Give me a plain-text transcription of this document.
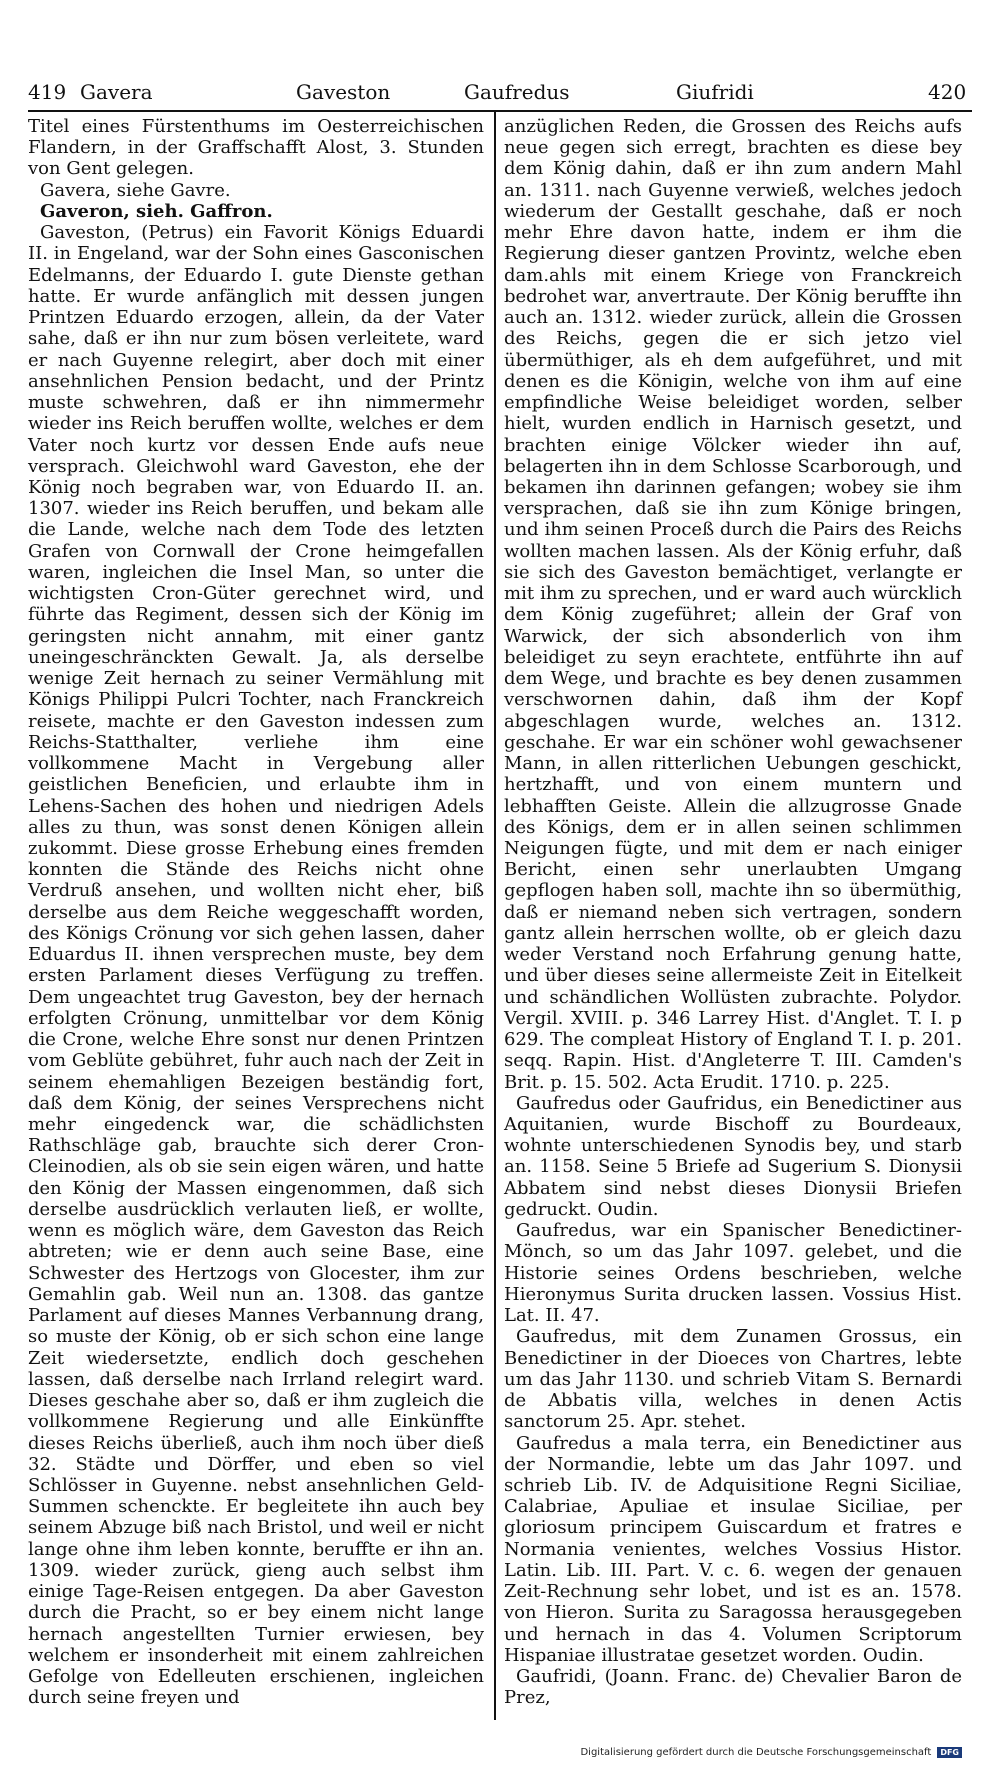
419 Gavera	Gaveston	Gaufredus	Giufridi	420

Titel eines Fürstenthums im Oesterreichischen Flandern, in der Graffschafft Alost, 3. Stunden von Gent gelegen.

Gavera, siehe Gavre.

Gaveron, sieh. Gaffron.

Gaveston, (Petrus) ein Favorit Königs Eduardi II. in Engeland, war der Sohn eines Gasconischen Edelmanns, der Eduardo I. gute Dienste gethan hatte. Er wurde anfänglich mit dessen jungen Printzen Eduardo erzogen, allein, da der Vater sahe, daß er ihn nur zum bösen verleitete, ward er nach Guyenne relegirt, aber doch mit einer ansehnlichen Pension bedacht, und der Printz muste schwehren, daß er ihn nimmermehr wieder ins Reich beruffen wollte, welches er dem Vater noch kurtz vor dessen Ende aufs neue versprach. Gleichwohl ward Gaveston, ehe der König noch begraben war, von Eduardo II. an. 1307. wieder ins Reich beruffen, und bekam alle die Lande, welche nach dem Tode des letzten Grafen von Cornwall der Crone heimgefallen waren, ingleichen die Insel Man, so unter die wichtigsten Cron-Güter gerechnet wird, und führte das Regiment, dessen sich der König im geringsten nicht annahm, mit einer gantz uneingeschränckten Gewalt. Ja, als derselbe wenige Zeit hernach zu seiner Vermählung mit Königs Philippi Pulcri Tochter, nach Franckreich reisete, machte er den Gaveston indessen zum Reichs-Statthalter, verliehe ihm eine vollkommene Macht in Vergebung aller geistlichen Beneficien, und erlaubte ihm in Lehens-Sachen des hohen und niedrigen Adels alles zu thun, was sonst denen Königen allein zukommt. Diese grosse Erhebung eines fremden konnten die Stände des Reichs nicht ohne Verdruß ansehen, und wollten nicht eher, biß derselbe aus dem Reiche weggeschafft worden, des Königs Crönung vor sich gehen lassen, daher Eduardus II. ihnen versprechen muste, bey dem ersten Parlament dieses Verfügung zu treffen. Dem ungeachtet trug Gaveston, bey der hernach erfolgten Crönung, unmittelbar vor dem König die Crone, welche Ehre sonst nur denen Printzen vom Geblüte gebühret, fuhr auch nach der Zeit in seinem ehemahligen Bezeigen beständig fort, daß dem König, der seines Versprechens nicht mehr eingedenck war, die schädlichsten Rathschläge gab, brauchte sich derer Cron-Cleinodien, als ob sie sein eigen wären, und hatte den König der Massen eingenommen, daß sich derselbe ausdrücklich verlauten ließ, er wollte, wenn es möglich wäre, dem Gaveston das Reich abtreten; wie er denn auch seine Base, eine Schwester des Hertzogs von Glocester, ihm zur Gemahlin gab. Weil nun an. 1308. das gantze Parlament auf dieses Mannes Verbannung drang, so muste der König, ob er sich schon eine lange Zeit wiedersetzte, endlich doch geschehen lassen, daß derselbe nach Irrland relegirt ward. Dieses geschahe aber so, daß er ihm zugleich die vollkommene Regierung und alle Einkünffte dieses Reichs überließ, auch ihm noch über dieß 32. Städte und Dörffer, und eben so viel Schlösser in Guyenne. nebst ansehnlichen Geld-Summen schenckte. Er begleitete ihn auch bey seinem Abzuge biß nach Bristol, und weil er nicht lange ohne ihm leben konnte, beruffte er ihn an. 1309. wieder zurück, gieng auch selbst ihm einige Tage-Reisen entgegen. Da aber Gaveston durch die Pracht, so er bey einem nicht lange hernach angestellten Turnier erwiesen, bey welchem er insonderheit mit einem zahlreichen Gefolge von Edelleuten erschienen, ingleichen durch seine freyen und

anzüglichen Reden, die Grossen des Reichs aufs neue gegen sich erregt, brachten es diese bey dem König dahin, daß er ihn zum andern Mahl an. 1311. nach Guyenne verwieß, welches jedoch wiederum der Gestallt geschahe, daß er noch mehr Ehre davon hatte, indem er ihm die Regierung dieser gantzen Provintz, welche eben dam.ahls mit einem Kriege von Franckreich bedrohet war, anvertraute. Der König beruffte ihn auch an. 1312. wieder zurück, allein die Grossen des Reichs, gegen die er sich jetzo viel übermüthiger, als eh dem aufgeführet, und mit denen es die Königin, welche von ihm auf eine empfindliche Weise beleidiget worden, selber hielt, wurden endlich in Harnisch gesetzt, und brachten einige Völcker wieder ihn auf, belagerten ihn in dem Schlosse Scarborough, und bekamen ihn darinnen gefangen; wobey sie ihm versprachen, daß sie ihn zum Könige bringen, und ihm seinen Proceß durch die Pairs des Reichs wollten machen lassen. Als der König erfuhr, daß sie sich des Gaveston bemächtiget, verlangte er mit ihm zu sprechen, und er ward auch würcklich dem König zugeführet; allein der Graf von Warwick, der sich absonderlich von ihm beleidiget zu seyn erachtete, entführte ihn auf dem Wege, und brachte es bey denen zusammen verschwornen dahin, daß ihm der Kopf abgeschlagen wurde, welches an. 1312. geschahe. Er war ein schöner wohl gewachsener Mann, in allen ritterlichen Uebungen geschickt, hertzhafft, und von einem muntern und lebhafften Geiste. Allein die allzugrosse Gnade des Königs, dem er in allen seinen schlimmen Neigungen fügte, und mit dem er nach einiger Bericht, einen sehr unerlaubten Umgang gepflogen haben soll, machte ihn so übermüthig, daß er niemand neben sich vertragen, sondern gantz allein herrschen wollte, ob er gleich dazu weder Verstand noch Erfahrung genung hatte, und über dieses seine allermeiste Zeit in Eitelkeit und schändlichen Wollüsten zubrachte. Polydor. Vergil. XVIII. p. 346 Larrey Hist. d'Anglet. T. I. p 629. The compleat History of England T. I. p. 201. seqq. Rapin. Hist. d'Angleterre T. III. Camden's Brit. p. 15. 502. Acta Erudit. 1710. p. 225.

Gaufredus oder Gaufridus, ein Benedictiner aus Aquitanien, wurde Bischoff zu Bourdeaux, wohnte unterschiedenen Synodis bey, und starb an. 1158. Seine 5 Briefe ad Sugerium S. Dionysii Abbatem sind nebst dieses Dionysii Briefen gedruckt. Oudin.

Gaufredus, war ein Spanischer Benedictiner-Mönch, so um das Jahr 1097. gelebet, und die Historie seines Ordens beschrieben, welche Hieronymus Surita drucken lassen. Vossius Hist. Lat. II. 47.

Gaufredus, mit dem Zunamen Grossus, ein Benedictiner in der Dioeces von Chartres, lebte um das Jahr 1130. und schrieb Vitam S. Bernardi de Abbatis villa, welches in denen Actis sanctorum 25. Apr. stehet.

Gaufredus a mala terra, ein Benedictiner aus der Normandie, lebte um das Jahr 1097. und schrieb Lib. IV. de Adquisitione Regni Siciliae, Calabriae, Apuliae et insulae Siciliae, per gloriosum principem Guiscardum et fratres e Normania venientes, welches Vossius Histor. Latin. Lib. III. Part. V. c. 6. wegen der genauen Zeit-Rechnung sehr lobet, und ist es an. 1578. von Hieron. Surita zu Saragossa herausgegeben und hernach in das 4. Volumen Scriptorum Hispaniae illustratae gesetzet worden. Oudin.

Gaufridi, (Joann. Franc. de) Chevalier Baron de Prez,

Digitalisierung gefördert durch die Deutsche Forschungsgemeinschaft	DFG
